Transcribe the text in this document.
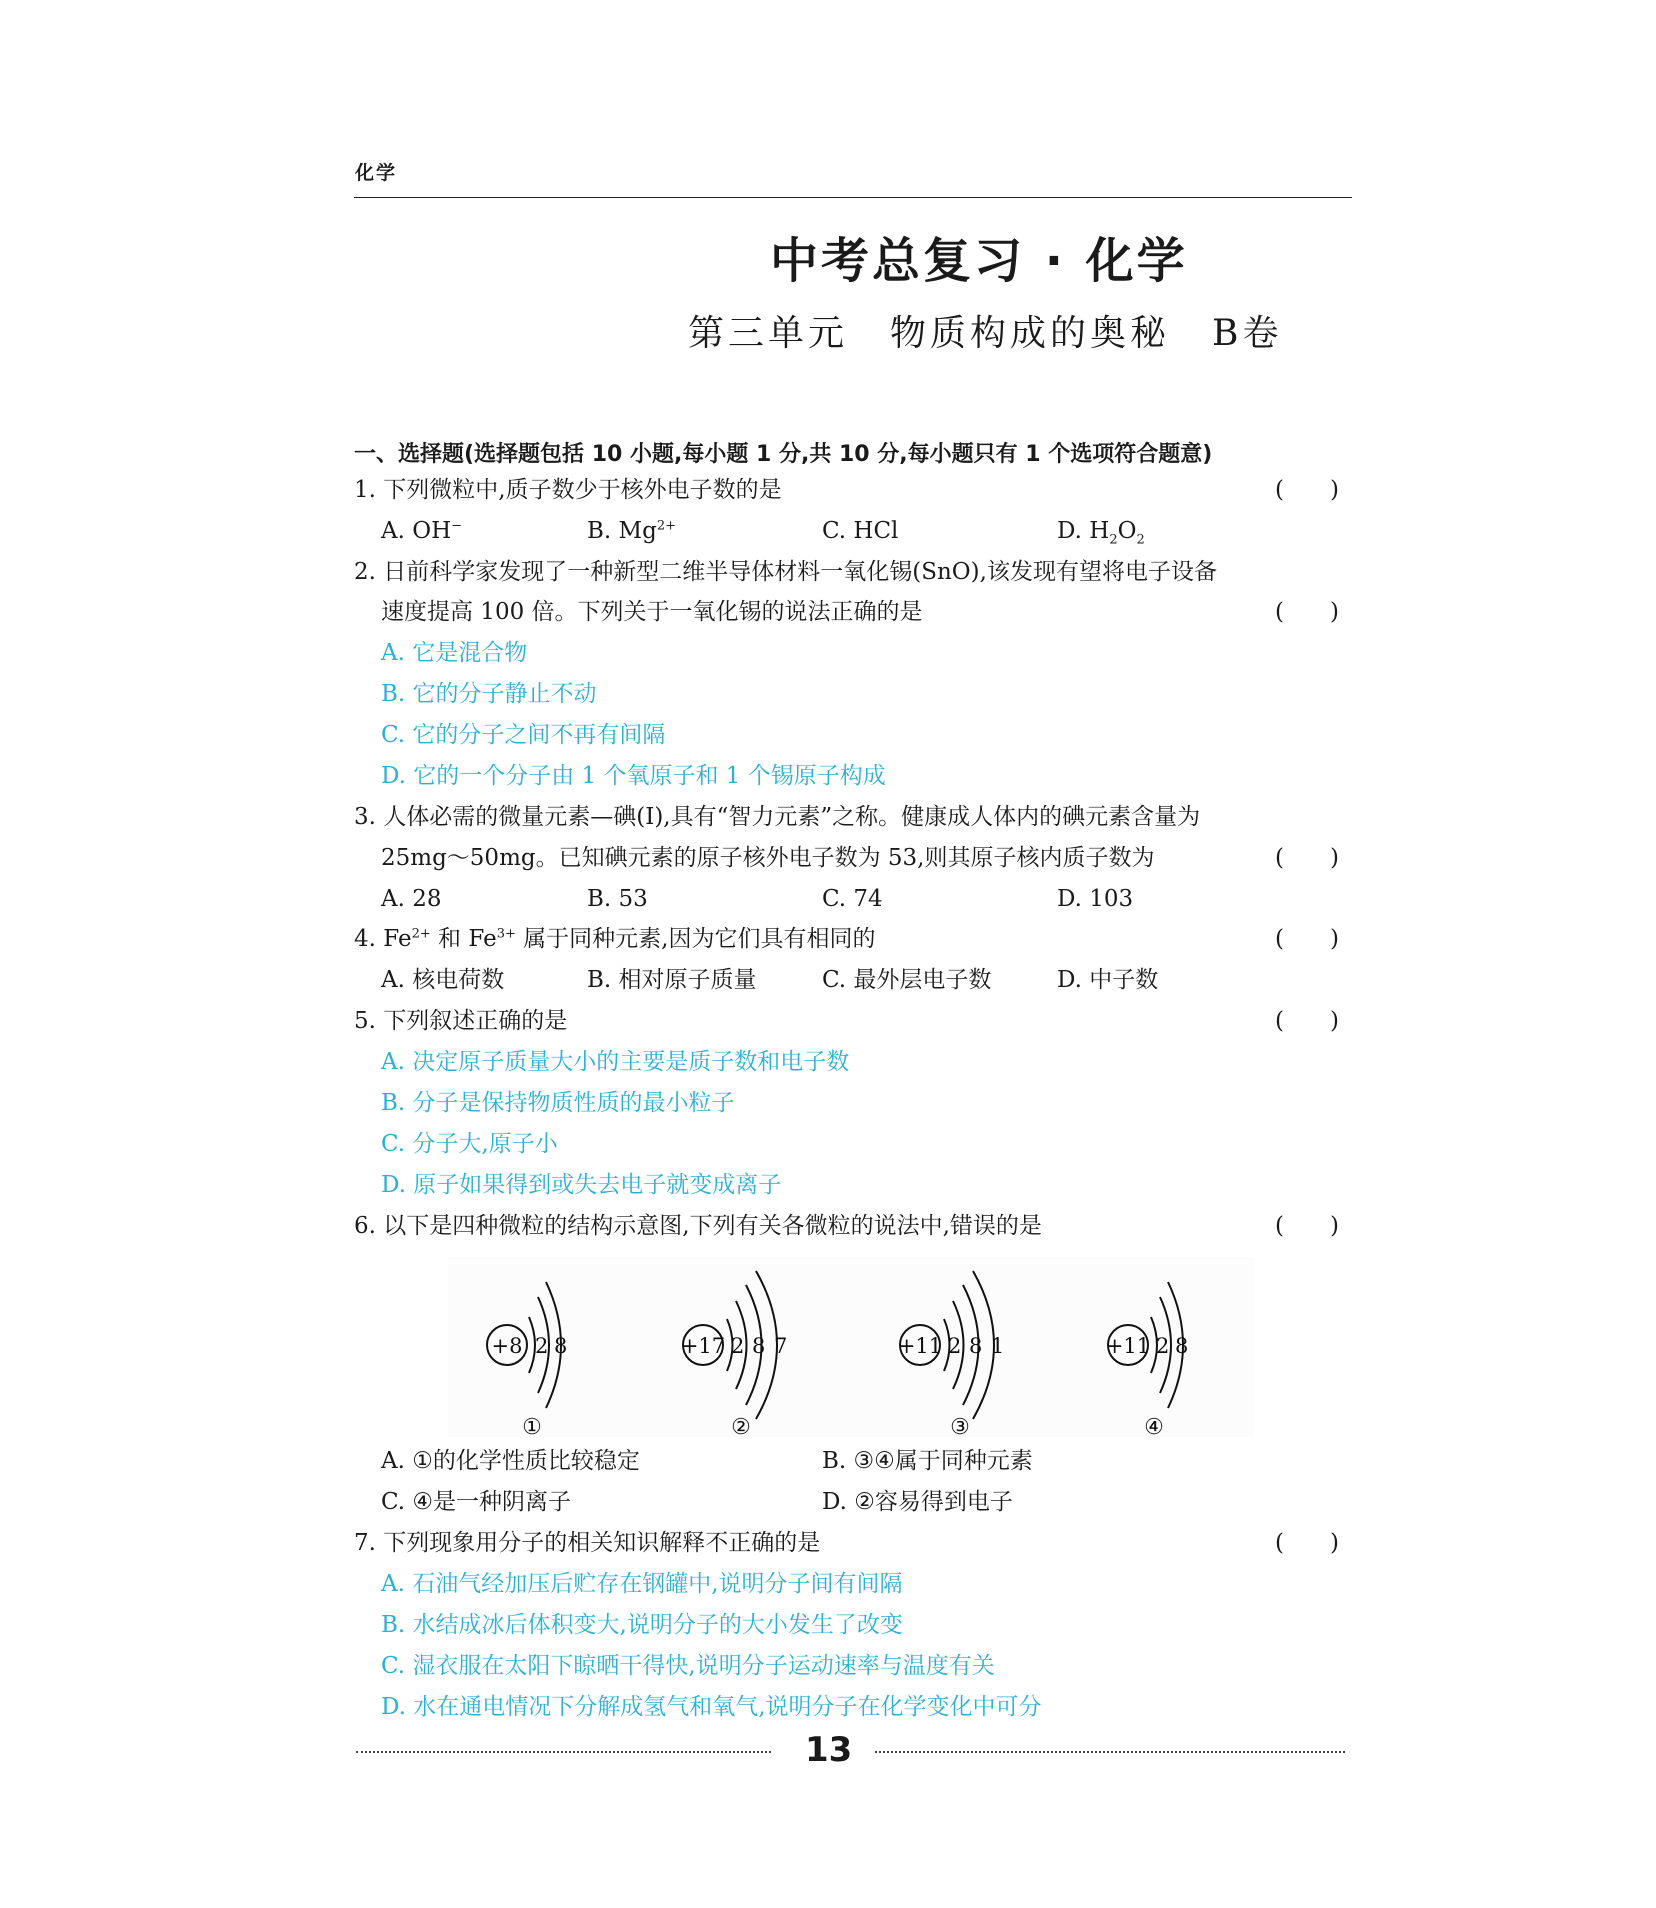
化学
中考总复习 · 化学
第三单元 物质构成的奥秘 B卷
一、选择题(选择题包括 10 小题,每小题 1 分,共 10 分,每小题只有 1 个选项符合题意)
1. 下列微粒中,质子数少于核外电子数的是	(　　)
A. OH−	B. $Mg^{2+}$	C. HCl	D. $H_2O_2$
2. 日前科学家发现了一种新型二维半导体材料一氧化锡(SnO),该发现有望将电子设备
速度提高 100 倍。下列关于一氧化锡的说法正确的是	(　　)
A. 它是混合物
B. 它的分子静止不动
C. 它的分子之间不再有间隔
D. 它的一个分子由 1 个氧原子和 1 个锡原子构成
3. 人体必需的微量元素—碘(I),具有“智力元素”之称。健康成人体内的碘元素含量为
25mg～50mg。已知碘元素的原子核外电子数为 53,则其原子核内质子数为	(　　)
A. 28	B. 53	C. 74	D. 103
4. $Fe^{2+}$ 和 $Fe^{3+}$ 属于同种元素,因为它们具有相同的	(　　)
A. 核电荷数	B. 相对原子质量	C. 最外层电子数	D. 中子数
5. 下列叙述正确的是	(　　)
A. 决定原子质量大小的主要是质子数和电子数
B. 分子是保持物质性质的最小粒子
C. 分子大,原子小
D. 原子如果得到或失去电子就变成离子
6. 以下是四种微粒的结构示意图,下列有关各微粒的说法中,错误的是	(　　)
+8 2 8
①
+17 2 8 7
②
+11 2 8 1
③
+11 2 8
④
A. ①的化学性质比较稳定	B. ③④属于同种元素
C. ④是一种阴离子	D. ②容易得到电子
7. 下列现象用分子的相关知识解释不正确的是	(　　)
A. 石油气经加压后贮存在钢罐中,说明分子间有间隔
B. 水结成冰后体积变大,说明分子的大小发生了改变
C. 湿衣服在太阳下晾晒干得快,说明分子运动速率与温度有关
D. 水在通电情况下分解成氢气和氧气,说明分子在化学变化中可分
13
